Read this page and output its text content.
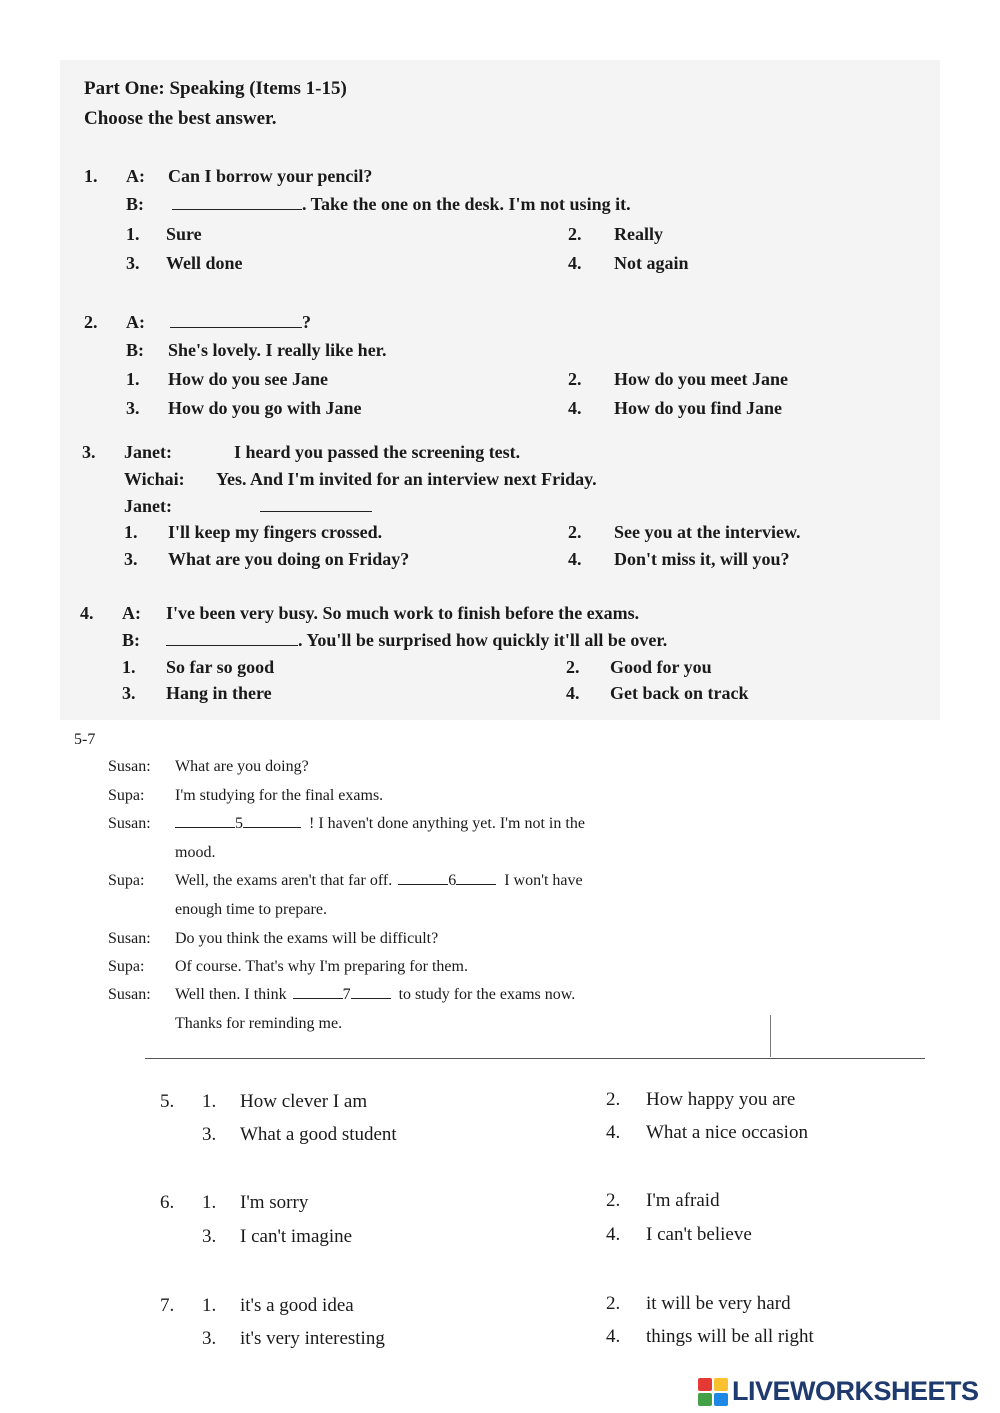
Part One: Speaking (Items 1-15)
Choose the best answer.
1. A: Can I borrow your pencil?
B:	. Take the one on the desk. I'm not using it.
1. Sure	2. Really
3. Well done	4. Not again
2. A:	?
B: She's lovely. I really like her.
1. How do you see Jane	2. How do you meet Jane
3. How do you go with Jane	4. How do you find Jane
3. Janet:	I heard you passed the screening test.
Wichai: Yes. And I'm invited for an interview next Friday.
Janet:
1. I'll keep my fingers crossed.	2. See you at the interview.
3. What are you doing on Friday?	4. Don't miss it, will you?
4. A: I've been very busy. So much work to finish before the exams.
B:	. You'll be surprised how quickly it'll all be over.
1. So far so good	2. Good for you
3. Hang in there	4. Get back on track
5-7
Susan: What are you doing?
Supa: I'm studying for the final exams.
Susan:	5	! I haven't done anything yet. I'm not in the
mood.
Supa: Well, the exams aren't that far off.	6	I won't have
enough time to prepare.
Susan: Do you think the exams will be difficult?
Supa: Of course. That's why I'm preparing for them.
Susan: Well then. I think	7	to study for the exams now.
Thanks for reminding me.
5. 1. How clever I am	2. How happy you are
3. What a good student	4. What a nice occasion
6. 1. I'm sorry	2. I'm afraid
3. I can't imagine	4. I can't believe
7. 1. it's a good idea	2. it will be very hard
3. it's very interesting	4. things will be all right
LIVEWORKSHEETS
